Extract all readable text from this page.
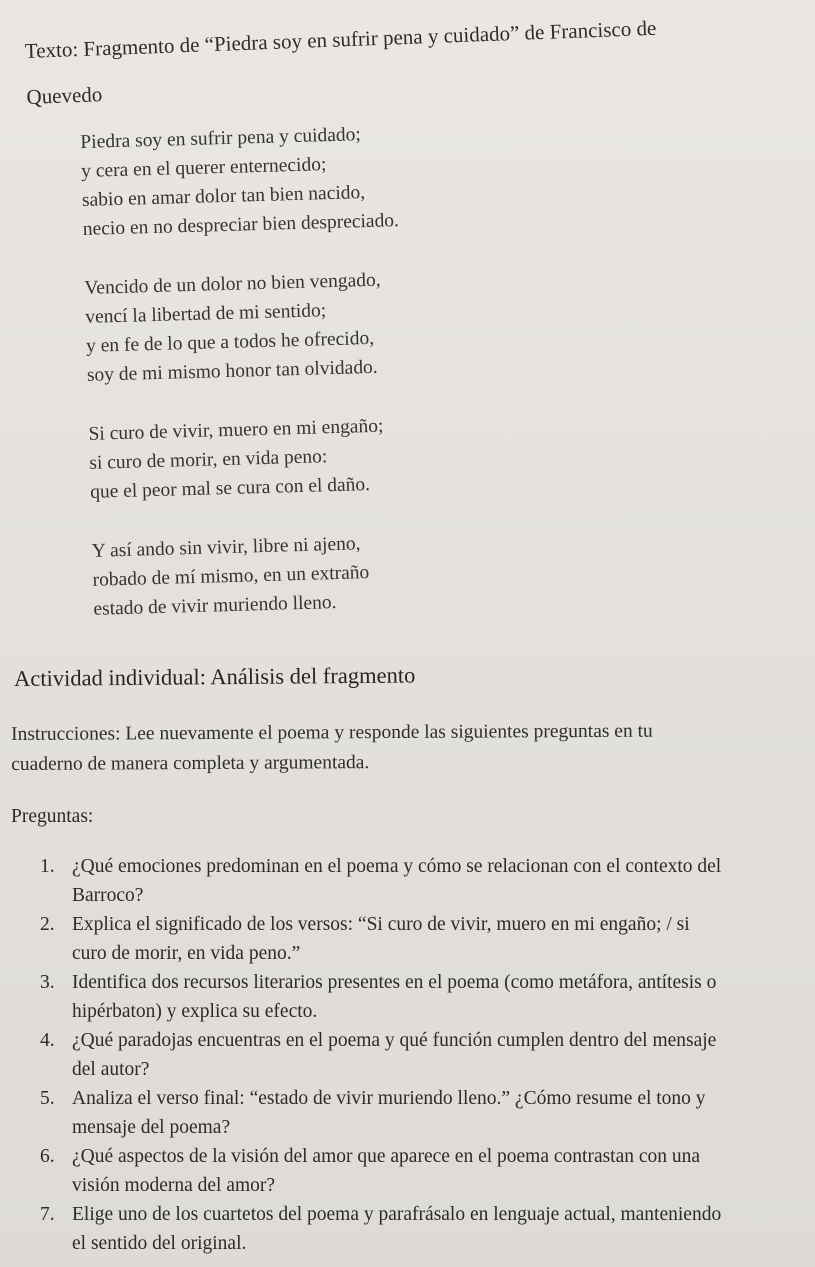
Texto: Fragmento de “Piedra soy en sufrir pena y cuidado” de Francisco de
Quevedo
Piedra soy en sufrir pena y cuidado;
y cera en el querer enternecido;
sabio en amar dolor tan bien nacido,
necio en no despreciar bien despreciado.
Vencido de un dolor no bien vengado,
vencí la libertad de mi sentido;
y en fe de lo que a todos he ofrecido,
soy de mi mismo honor tan olvidado.
Si curo de vivir, muero en mi engaño;
si curo de morir, en vida peno:
que el peor mal se cura con el daño.
Y así ando sin vivir, libre ni ajeno,
robado de mí mismo, en un extraño
estado de vivir muriendo lleno.
Actividad individual: Análisis del fragmento
Instrucciones: Lee nuevamente el poema y responde las siguientes preguntas en tu
cuaderno de manera completa y argumentada.
Preguntas:
1. ¿Qué emociones predominan en el poema y cómo se relacionan con el contexto del
Barroco?
2. Explica el significado de los versos: “Si curo de vivir, muero en mi engaño; / si
curo de morir, en vida peno.”
3. Identifica dos recursos literarios presentes en el poema (como metáfora, antítesis o
hipérbaton) y explica su efecto.
4. ¿Qué paradojas encuentras en el poema y qué función cumplen dentro del mensaje
del autor?
5. Analiza el verso final: “estado de vivir muriendo lleno.” ¿Cómo resume el tono y
mensaje del poema?
6. ¿Qué aspectos de la visión del amor que aparece en el poema contrastan con una
visión moderna del amor?
7. Elige uno de los cuartetos del poema y parafrásalo en lenguaje actual, manteniendo
el sentido del original.
